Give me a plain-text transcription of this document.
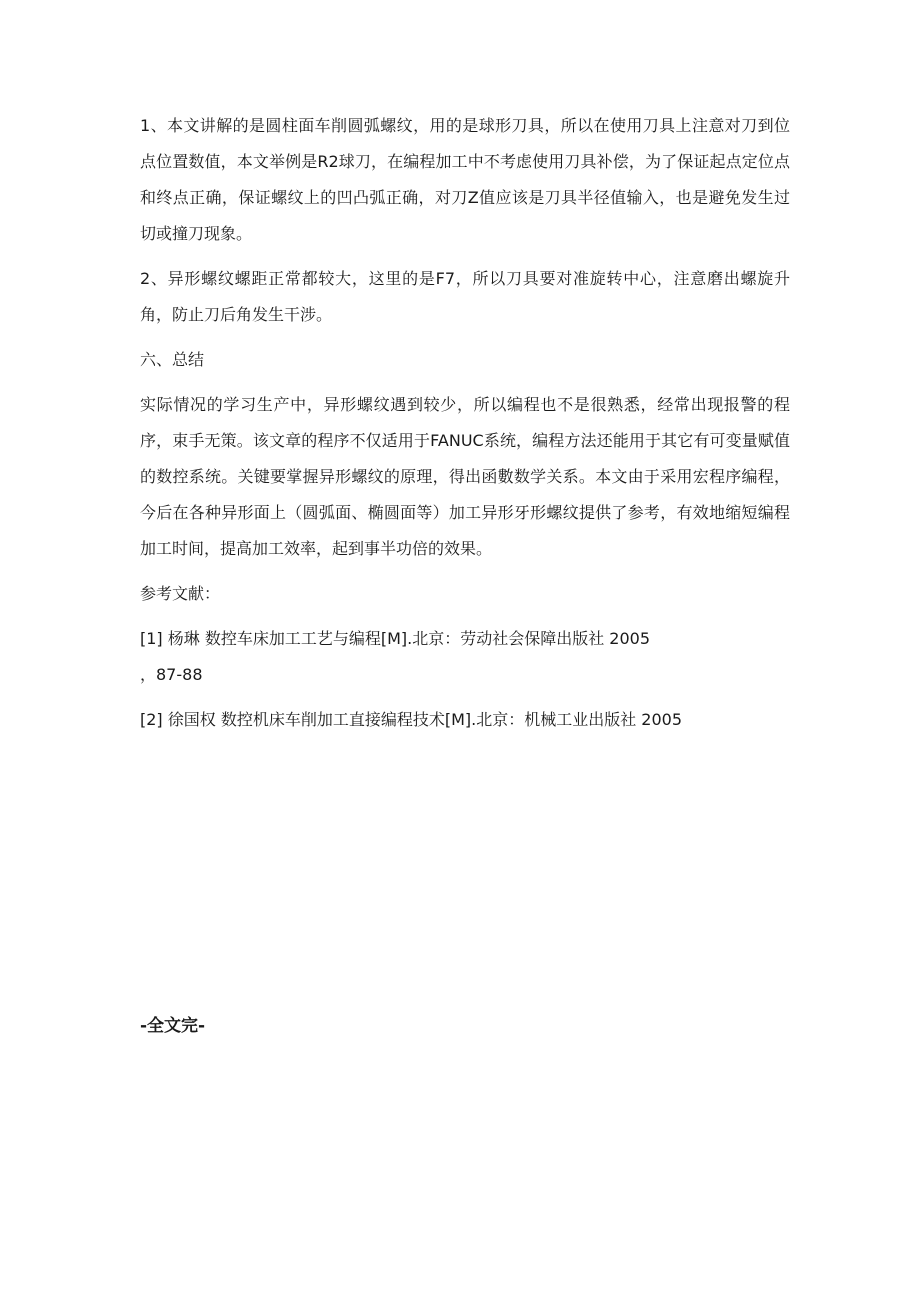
1、本文讲解的是圆柱面车削圆弧螺纹，用的是球形刀具，所以在使用刀具上注意对刀到位点位置数值，本文举例是R2球刀，在编程加工中不考虑使用刀具补偿，为了保证起点定位点和终点正确，保证螺纹上的凹凸弧正确，对刀Z值应该是刀具半径值输入，也是避免发生过切或撞刀现象。

2、异形螺纹螺距正常都较大，这里的是F7，所以刀具要对准旋转中心，注意磨出螺旋升角，防止刀后角发生干涉。

六、总结

实际情况的学习生产中，异形螺纹遇到较少，所以编程也不是很熟悉，经常出现报警的程序，束手无策。该文章的程序不仅适用于FANUC系统，编程方法还能用于其它有可变量赋值的数控系统。关键要掌握异形螺纹的原理，得出函數数学关系。本文由于采用宏程序编程，今后在各种异形面上（圆弧面、椭圆面等）加工异形牙形螺纹提供了参考，有效地缩短编程加工时间，提高加工效率，起到事半功倍的效果。

参考文献：

[1] 杨琳 数控车床加工工艺与编程[M].北京：劳动社会保障出版社 2005

，87-88

[2] 徐国权 数控机床车削加工直接编程技术[M].北京：机械工业出版社 2005

-全文完-
